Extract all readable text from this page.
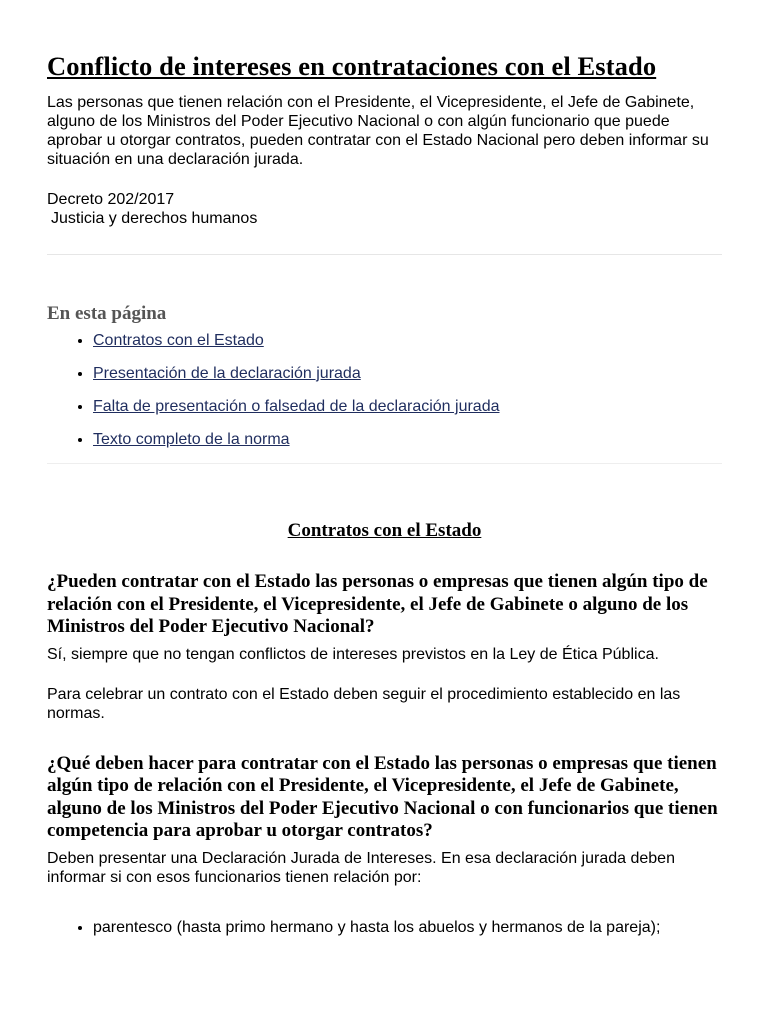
Conflicto de intereses en contrataciones con el Estado

Las personas que tienen relación con el Presidente, el Vicepresidente, el Jefe de Gabinete, alguno de los Ministros del Poder Ejecutivo Nacional o con algún funcionario que puede aprobar u otorgar contratos, pueden contratar con el Estado Nacional pero deben informar su situación en una declaración jurada.

Decreto 202/2017
Justicia y derechos humanos
En esta página
• Contratos con el Estado
• Presentación de la declaración jurada
• Falta de presentación o falsedad de la declaración jurada
• Texto completo de la norma
Contratos con el Estado
¿Pueden contratar con el Estado las personas o empresas que tienen algún tipo de relación con el Presidente, el Vicepresidente, el Jefe de Gabinete o alguno de los Ministros del Poder Ejecutivo Nacional?

Sí, siempre que no tengan conflictos de intereses previstos en la Ley de Ética Pública.

Para celebrar un contrato con el Estado deben seguir el procedimiento establecido en las normas.

¿Qué deben hacer para contratar con el Estado las personas o empresas que tienen algún tipo de relación con el Presidente, el Vicepresidente, el Jefe de Gabinete, alguno de los Ministros del Poder Ejecutivo Nacional o con funcionarios que tienen competencia para aprobar u otorgar contratos?

Deben presentar una Declaración Jurada de Intereses. En esa declaración jurada deben informar si con esos funcionarios tienen relación por:

• parentesco (hasta primo hermano y hasta los abuelos y hermanos de la pareja);
